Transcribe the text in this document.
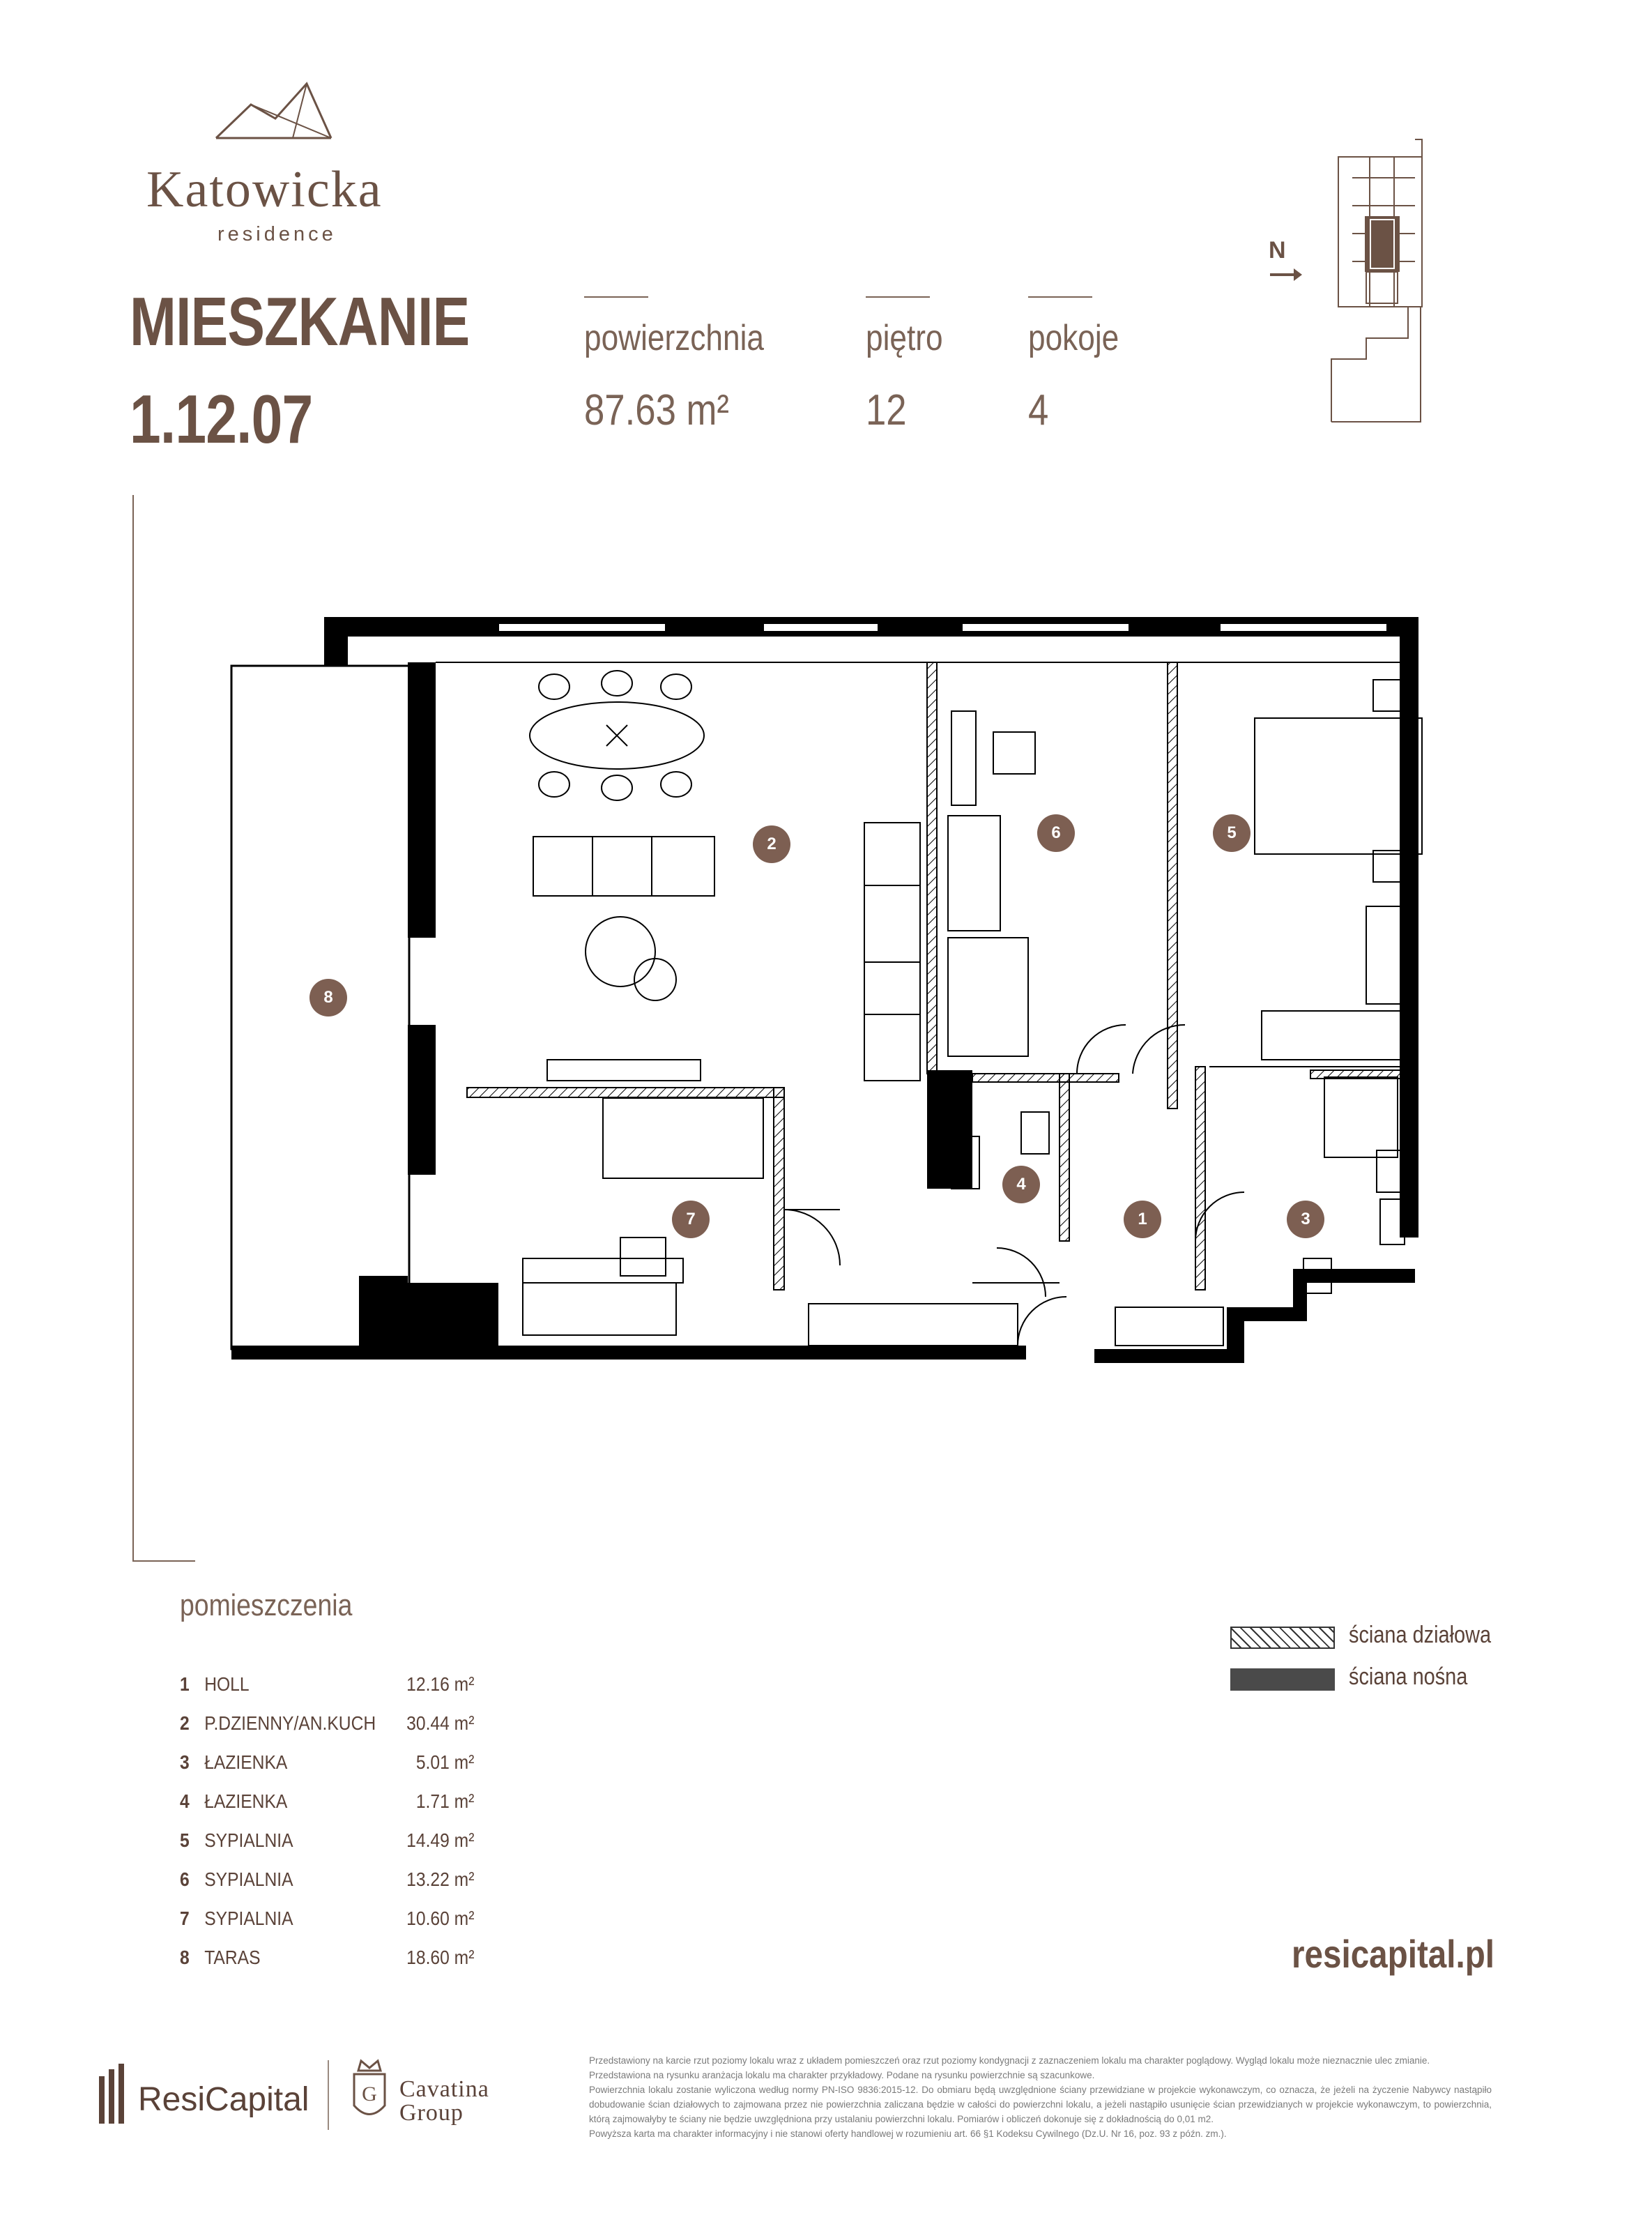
Katowicka
residence
MIESZKANIE
1.12.07
powierzchnia
87.63 m²
piętro
12
pokoje
4
N
2
8
6	5
4
7	1	3
pomieszczenia
1 HOLL	12.16 m²
2 P.DZIENNY/AN.KUCH 30.44 m²
3 ŁAZIENKA	5.01 m²
4 ŁAZIENKA	1.71 m²
5 SYPIALNIA	14.49 m²
6 SYPIALNIA	13.22 m²
7 SYPIALNIA	10.60 m²
8 TARAS	18.60 m²
ściana działowa
ściana nośna
resicapital.pl
ResiCapital	G Cavatina
Group
Przedstawiony na karcie rzut poziomy lokalu wraz z układem pomieszczeń oraz rzut poziomy kondygnacji z zaznaczeniem lokalu ma charakter poglądowy. Wygląd lokalu może nieznacznie ulec zmianie.
Przedstawiona na rysunku aranżacja lokalu ma charakter przykładowy. Podane na rysunku powierzchnie są szacunkowe.
Powierzchnia lokalu zostanie wyliczona według normy PN-ISO 9836:2015-12. Do obmiaru będą uwzględnione ściany przewidziane w projekcie wykonawczym, co oznacza, że jeżeli na życzenie Nabywcy nastąpiło dobudowanie ścian działowych to zajmowana przez nie powierzchnia zaliczana będzie w całości do powierzchni lokalu, a jeżeli nastąpiło usunięcie ścian przewidzianych w projekcie wykonawczym, to powierzchnia, którą zajmowałyby te ściany nie będzie uwzględniona przy ustalaniu powierzchni lokalu. Pomiarów i obliczeń dokonuje się z dokładnością do 0,01 m2.
Powyższa karta ma charakter informacyjny i nie stanowi oferty handlowej w rozumieniu art. 66 §1 Kodeksu Cywilnego (Dz.U. Nr 16, poz. 93 z późn. zm.).
